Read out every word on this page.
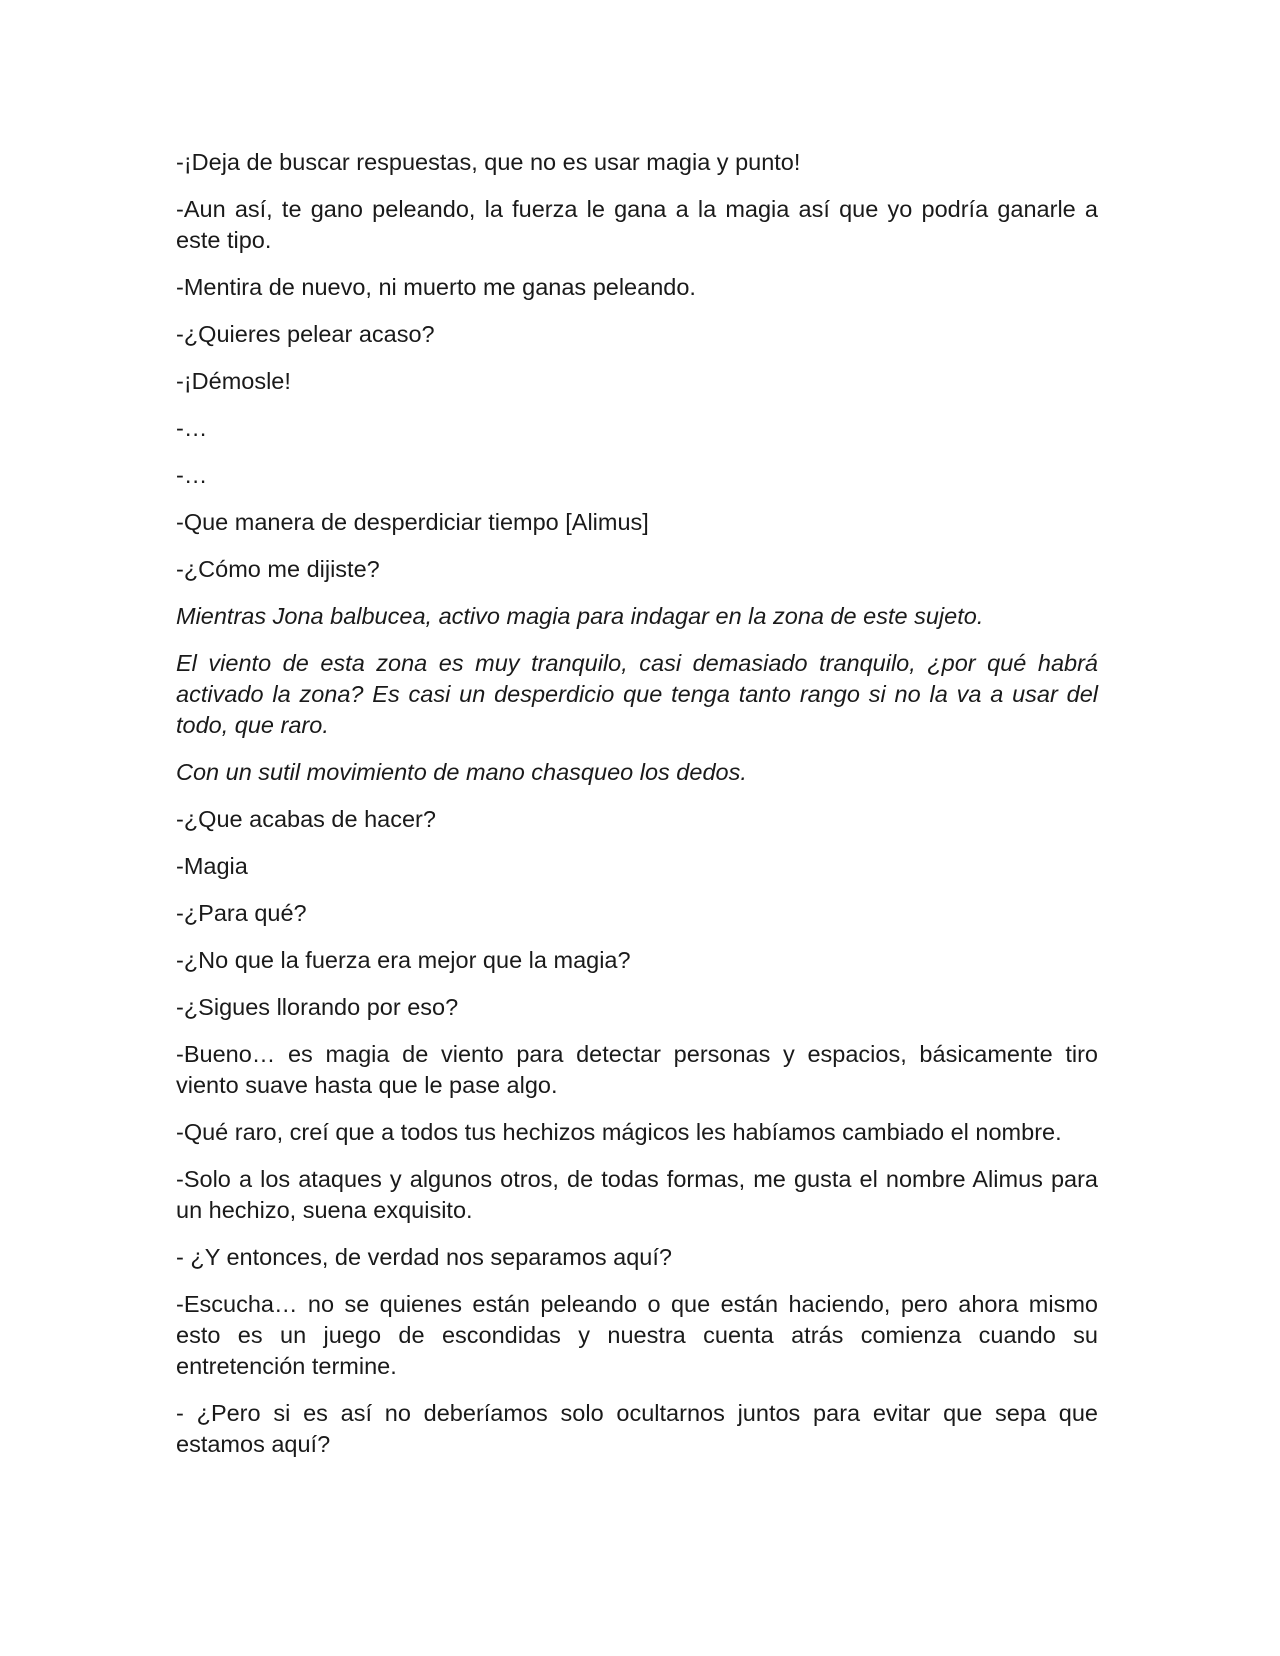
-¡Deja de buscar respuestas, que no es usar magia y punto!

-Aun así, te gano peleando, la fuerza le gana a la magia así que yo podría ganarle a este tipo.

-Mentira de nuevo, ni muerto me ganas peleando.

-¿Quieres pelear acaso?

-¡Démosle!

-…

-…

-Que manera de desperdiciar tiempo [Alimus]

-¿Cómo me dijiste?

Mientras Jona balbucea, activo magia para indagar en la zona de este sujeto.

El viento de esta zona es muy tranquilo, casi demasiado tranquilo, ¿por qué habrá activado la zona? Es casi un desperdicio que tenga tanto rango si no la va a usar del todo, que raro.

Con un sutil movimiento de mano chasqueo los dedos.

-¿Que acabas de hacer?

-Magia

-¿Para qué?

-¿No que la fuerza era mejor que la magia?

-¿Sigues llorando por eso?

-Bueno… es magia de viento para detectar personas y espacios, básicamente tiro viento suave hasta que le pase algo.

-Qué raro, creí que a todos tus hechizos mágicos les habíamos cambiado el nombre.

-Solo a los ataques y algunos otros, de todas formas, me gusta el nombre Alimus para un hechizo, suena exquisito.

- ¿Y entonces, de verdad nos separamos aquí?

-Escucha… no se quienes están peleando o que están haciendo, pero ahora mismo esto es un juego de escondidas y nuestra cuenta atrás comienza cuando su entretención termine.

- ¿Pero si es así no deberíamos solo ocultarnos juntos para evitar que sepa que estamos aquí?
